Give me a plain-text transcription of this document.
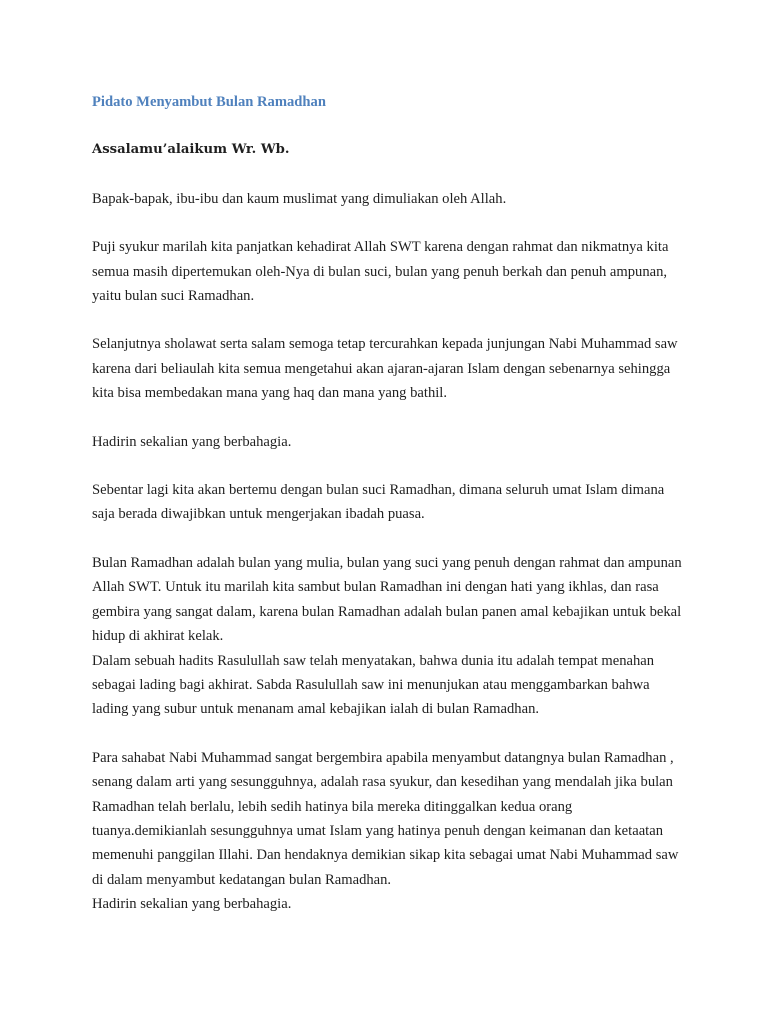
Pidato Menyambut Bulan Ramadhan

Assalamu’alaikum Wr. Wb.

Bapak-bapak, ibu-ibu dan kaum muslimat yang dimuliakan oleh Allah.

Puji syukur marilah kita panjatkan kehadirat Allah SWT karena dengan rahmat dan nikmatnya kita semua masih dipertemukan oleh-Nya di bulan suci, bulan yang penuh berkah dan penuh ampunan, yaitu bulan suci Ramadhan.

Selanjutnya sholawat serta salam semoga tetap tercurahkan kepada junjungan Nabi Muhammad saw karena dari beliaulah kita semua mengetahui akan ajaran-ajaran Islam dengan sebenarnya sehingga kita bisa membedakan mana yang haq dan mana yang bathil.

Hadirin sekalian yang berbahagia.

Sebentar lagi kita akan bertemu dengan bulan suci Ramadhan, dimana seluruh umat Islam dimana saja berada diwajibkan untuk mengerjakan ibadah puasa.

Bulan Ramadhan adalah bulan yang mulia, bulan yang suci yang penuh dengan rahmat dan ampunan Allah SWT. Untuk itu marilah kita sambut bulan Ramadhan ini dengan hati yang ikhlas, dan rasa gembira yang sangat dalam, karena bulan Ramadhan adalah bulan panen amal kebajikan untuk bekal hidup di akhirat kelak.

Dalam sebuah hadits Rasulullah saw telah menyatakan, bahwa dunia itu adalah tempat menahan sebagai lading bagi akhirat. Sabda Rasulullah saw ini menunjukan atau menggambarkan bahwa lading yang subur untuk menanam amal kebajikan ialah di bulan Ramadhan.

Para sahabat Nabi Muhammad sangat bergembira apabila menyambut datangnya bulan Ramadhan , senang dalam arti yang sesungguhnya, adalah rasa syukur, dan kesedihan yang mendalah jika bulan Ramadhan telah berlalu, lebih sedih hatinya bila mereka ditinggalkan kedua orang tuanya.demikianlah sesungguhnya umat Islam yang hatinya penuh dengan keimanan dan ketaatan memenuhi panggilan Illahi. Dan hendaknya demikian sikap kita sebagai umat Nabi Muhammad saw di dalam menyambut kedatangan bulan Ramadhan.

Hadirin sekalian yang berbahagia.
